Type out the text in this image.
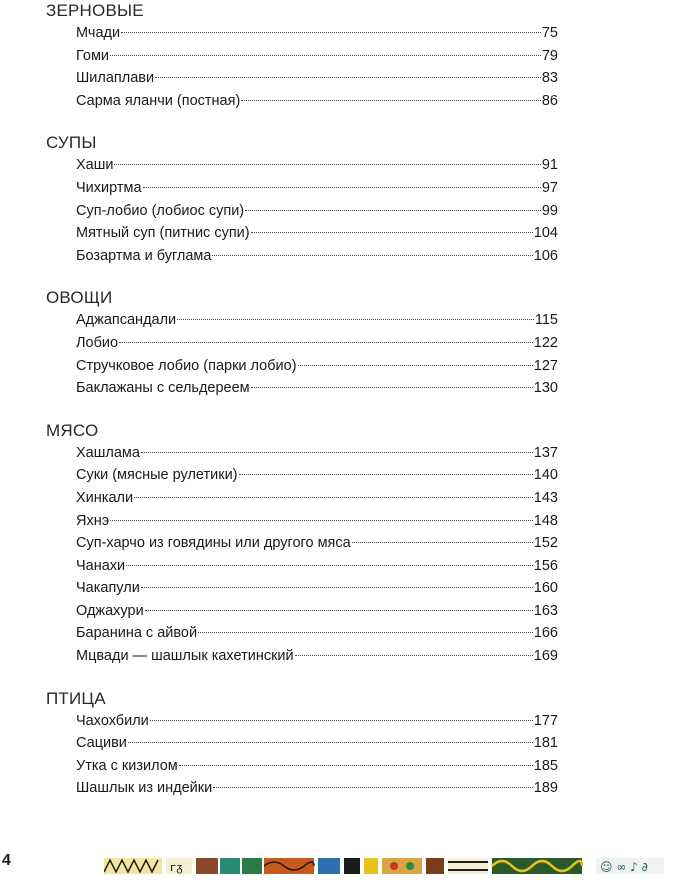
ЗЕРНОВЫЕ
Мчади	75
Гоми	79
Шилаплави	83
Сарма яланчи (постная)	86
СУПЫ
Хаши	91
Чихиртма	97
Суп-лобио (лобиос супи)	99
Мятный суп (питнис супи)	104
Бозартма и буглама	106
ОВОЩИ
Аджапсандали	115
Лобио	122
Стручковое лобио (парки лобио)	127
Баклажаны с сельдереем	130
МЯСО
Хашлама	137
Суки (мясные рулетики)	140
Хинкали	143
Яхнэ	148
Суп-харчо из говядины или другого мяса	152
Чанахи	156
Чакапули	160
Оджахури	163
Баранина с айвой	166
Мцвади — шашлык кахетинский	169
ПТИЦА
Чахохбили	177
Сациви	181
Утка с кизилом	185
Шашлык из индейки	189
4	ᴦᵹ	☺ ∞ ♪ ∂
